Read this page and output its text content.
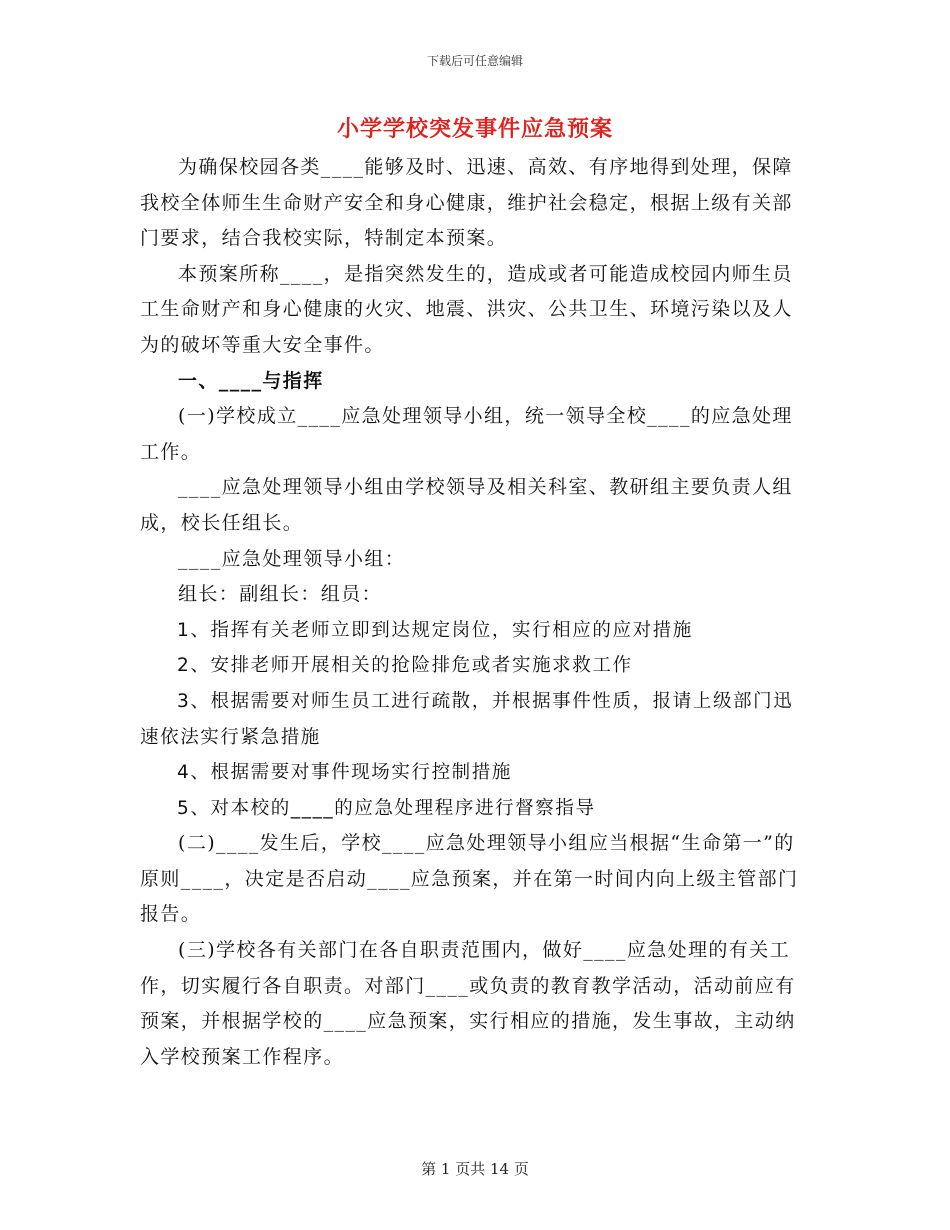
下载后可任意编辑
小学学校突发事件应急预案

为确保校园各类____能够及时、迅速、高效、有序地得到处理，保障我校全体师生生命财产安全和身心健康，维护社会稳定，根据上级有关部门要求，结合我校实际，特制定本预案。

本预案所称____，是指突然发生的，造成或者可能造成校园内师生员工生命财产和身心健康的火灾、地震、洪灾、公共卫生、环境污染以及人为的破坏等重大安全事件。

一、____与指挥

(一)学校成立____应急处理领导小组，统一领导全校____的应急处理工作。

____应急处理领导小组由学校领导及相关科室、教研组主要负责人组成，校长任组长。

____应急处理领导小组：

组长：副组长：组员：

1、指挥有关老师立即到达规定岗位，实行相应的应对措施

2、安排老师开展相关的抢险排危或者实施求救工作

3、根据需要对师生员工进行疏散，并根据事件性质，报请上级部门迅速依法实行紧急措施

4、根据需要对事件现场实行控制措施

5、对本校的____的应急处理程序进行督察指导

(二)____发生后，学校____应急处理领导小组应当根据“生命第一”的原则____，决定是否启动____应急预案，并在第一时间内向上级主管部门报告。

(三)学校各有关部门在各自职责范围内，做好____应急处理的有关工作，切实履行各自职责。对部门____或负责的教育教学活动，活动前应有预案，并根据学校的____应急预案，实行相应的措施，发生事故，主动纳入学校预案工作程序。

第 1 页共 14 页
